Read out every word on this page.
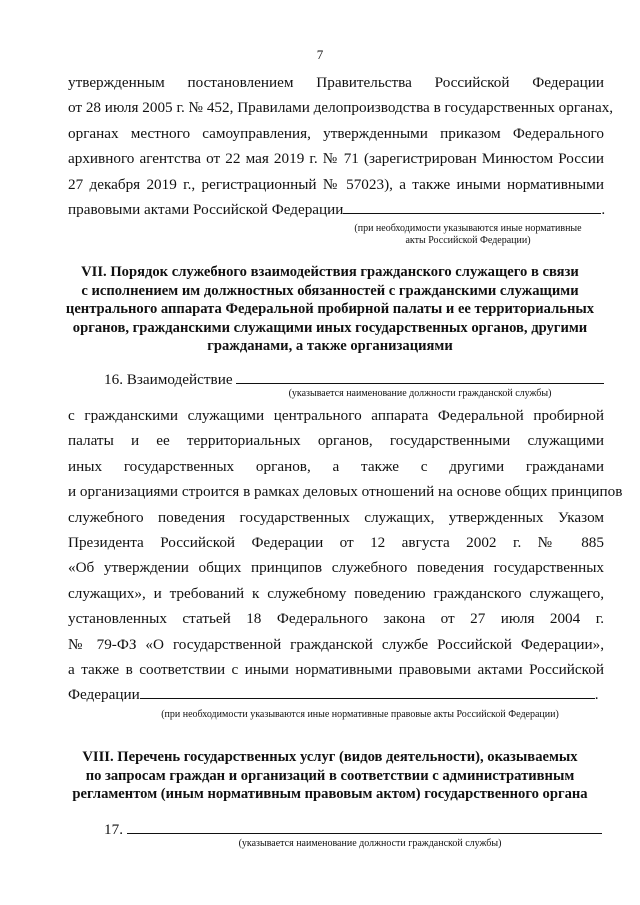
7
утвержденным постановлением Правительства Российской Федерации
от 28 июля 2005 г. № 452, Правилами делопроизводства в государственных органах,
органах местного самоуправления, утвержденными приказом Федерального
архивного агентства от 22 мая 2019 г. № 71 (зарегистрирован Минюстом России
27 декабря 2019 г., регистрационный № 57023), а также иными нормативными
правовыми актами Российской Федерации	.
(при необходимости указываются иные нормативные
акты Российской Федерации)
VII. Порядок служебного взаимодействия гражданского служащего в связи
с исполнением им должностных обязанностей с гражданскими служащими
центрального аппарата Федеральной пробирной палаты и ее территориальных
органов, гражданскими служащими иных государственных органов, другими
гражданами, а также организациями
16. Взаимодействие
(указывается наименование должности гражданской службы)
с гражданскими служащими центрального аппарата Федеральной пробирной
палаты и ее территориальных органов, государственными служащими
иных государственных органов, а также с другими гражданами
и организациями строится в рамках деловых отношений на основе общих принципов
служебного поведения государственных служащих, утвержденных Указом
Президента Российской Федерации от 12 августа 2002 г. № 885
«Об утверждении общих принципов служебного поведения государственных
служащих», и требований к служебному поведению гражданского служащего,
установленных статьей 18 Федерального закона от 27 июля 2004 г.
№ 79-ФЗ «О государственной гражданской службе Российской Федерации»,
а также в соответствии с иными нормативными правовыми актами Российской
Федерации	.
(при необходимости указываются иные нормативные правовые акты Российской Федерации)
VIII. Перечень государственных услуг (видов деятельности), оказываемых
по запросам граждан и организаций в соответствии с административным
регламентом (иным нормативным правовым актом) государственного органа
17.
(указывается наименование должности гражданской службы)
